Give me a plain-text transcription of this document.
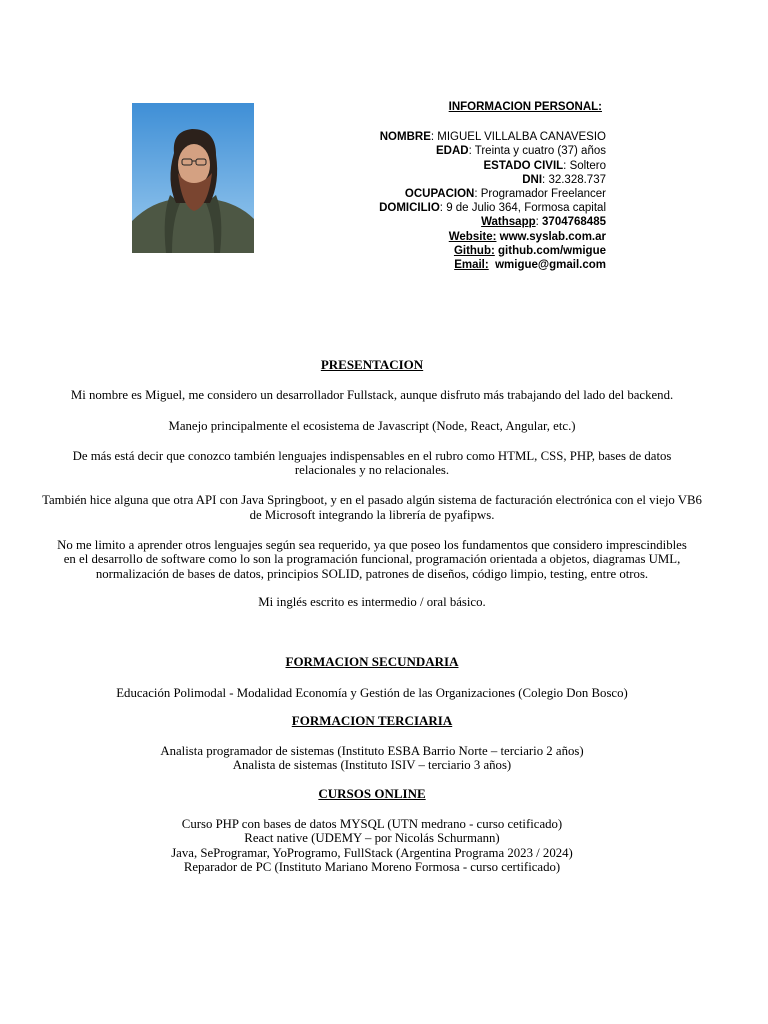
INFORMACION PERSONAL:
NOMBRE: MIGUEL VILLALBA CANAVESIO
EDAD: Treinta y cuatro (37) años
ESTADO CIVIL: Soltero
DNI: 32.328.737
OCUPACION: Programador Freelancer
DOMICILIO: 9 de Julio 364, Formosa capital
Wathsapp: 3704768485
Website: www.syslab.com.ar
Github: github.com/wmigue
Email: wmigue@gmail.com

PRESENTACION

Mi nombre es Miguel, me considero un desarrollador Fullstack, aunque disfruto más trabajando del lado del backend.

Manejo principalmente el ecosistema de Javascript (Node, React, Angular, etc.)

De más está decir que conozco también lenguajes indispensables en el rubro como HTML, CSS, PHP, bases de datos relacionales y no relacionales.

También hice alguna que otra API con Java Springboot, y en el pasado algún sistema de facturación electrónica con el viejo VB6 de Microsoft integrando la librería de pyafipws.

No me limito a aprender otros lenguajes según sea requerido, ya que poseo los fundamentos que considero imprescindibles en el desarrollo de software como lo son la programación funcional, programación orientada a objetos, diagramas UML, normalización de bases de datos, principios SOLID, patrones de diseños, código limpio, testing, entre otros.

Mi inglés escrito es intermedio / oral básico.

FORMACION SECUNDARIA

Educación Polimodal - Modalidad Economía y Gestión de las Organizaciones (Colegio Don Bosco)

FORMACION TERCIARIA

Analista programador de sistemas (Instituto ESBA Barrio Norte – terciario 2 años)

Analista de sistemas (Instituto ISIV – terciario 3 años)

CURSOS ONLINE

Curso PHP con bases de datos MYSQL (UTN medrano - curso cetificado)

React native (UDEMY – por Nicolás Schurmann)

Java, SeProgramar, YoProgramo, FullStack (Argentina Programa 2023 / 2024)

Reparador de PC (Instituto Mariano Moreno Formosa - curso certificado)
